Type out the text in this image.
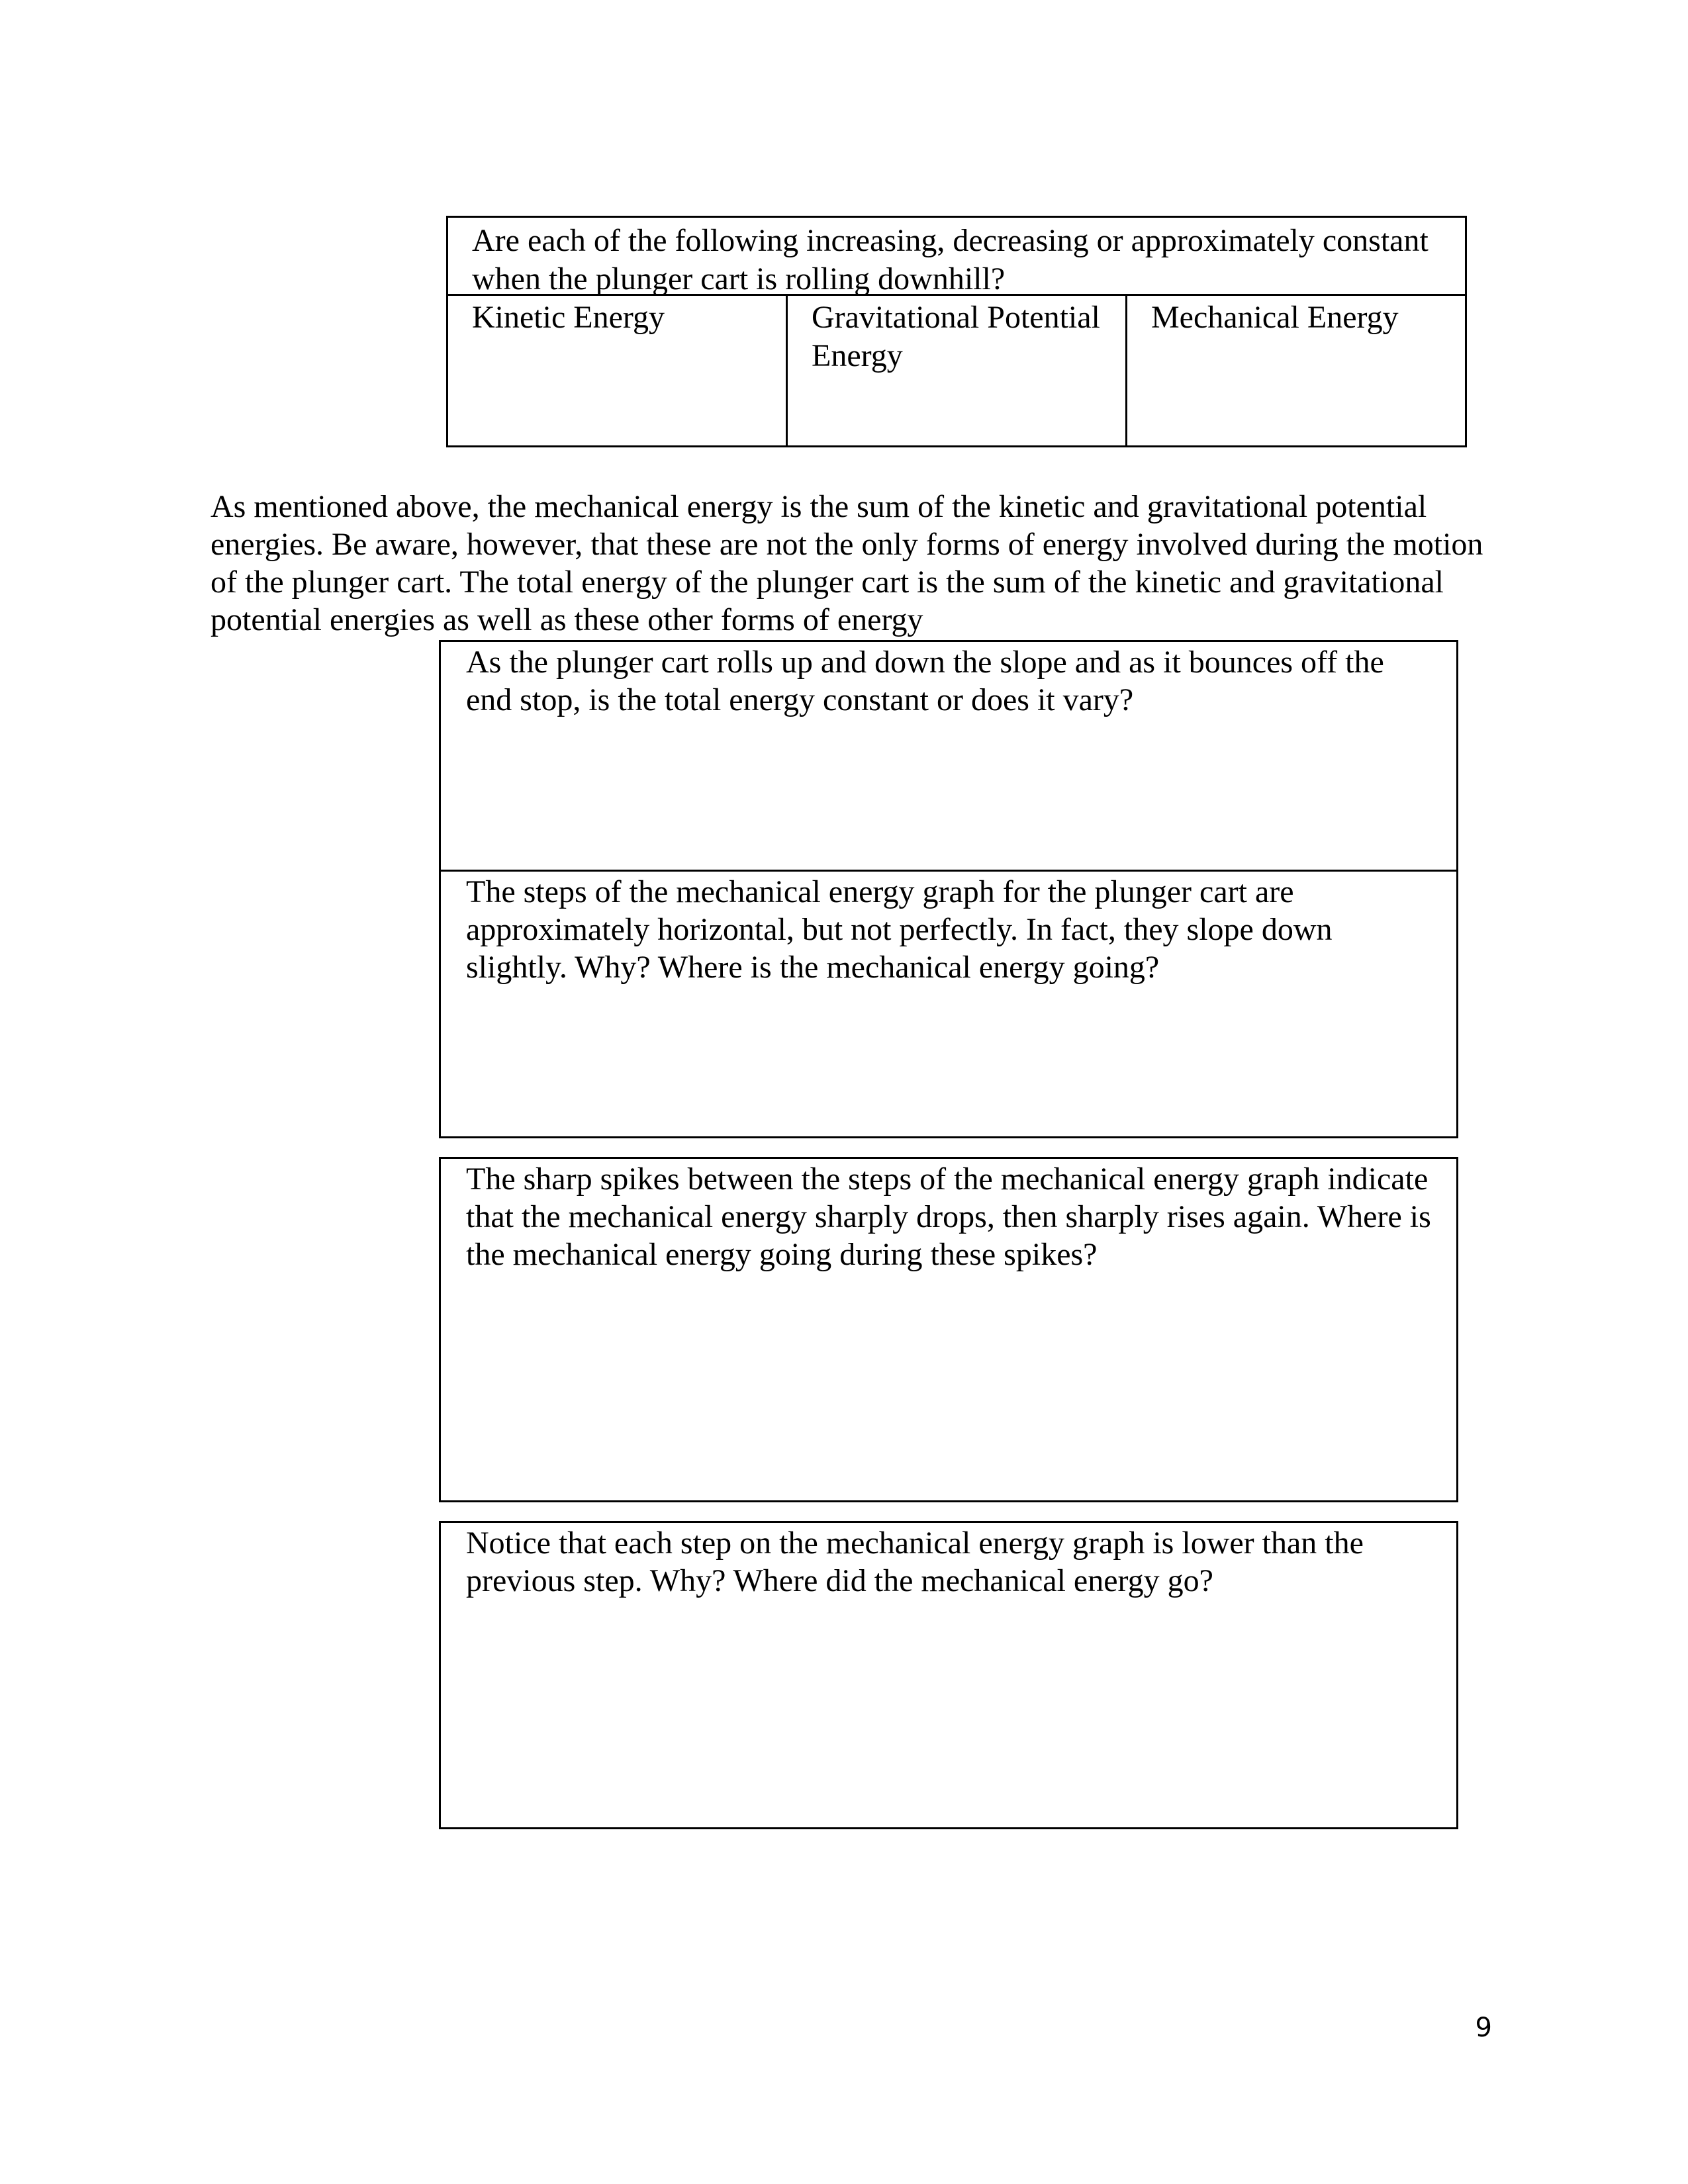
Are each of the following increasing, decreasing or approximately constant when the plunger cart is rolling downhill?
Kinetic Energy	Gravitational Potential Energy
Mechanical Energy

As mentioned above, the mechanical energy is the sum of the kinetic and gravitational potential energies. Be aware, however, that these are not the only forms of energy involved during the motion of the plunger cart. The total energy of the plunger cart is the sum of the kinetic and gravitational potential energies as well as these other forms of energy

As the plunger cart rolls up and down the slope and as it bounces off the end stop, is the total energy constant or does it vary?
The steps of the mechanical energy graph for the plunger cart are approximately horizontal, but not perfectly. In fact, they slope down slightly. Why? Where is the mechanical energy going?
The sharp spikes between the steps of the mechanical energy graph indicate that the mechanical energy sharply drops, then sharply rises again. Where is the mechanical energy going during these spikes?
Notice that each step on the mechanical energy graph is lower than the previous step. Why? Where did the mechanical energy go?
9
